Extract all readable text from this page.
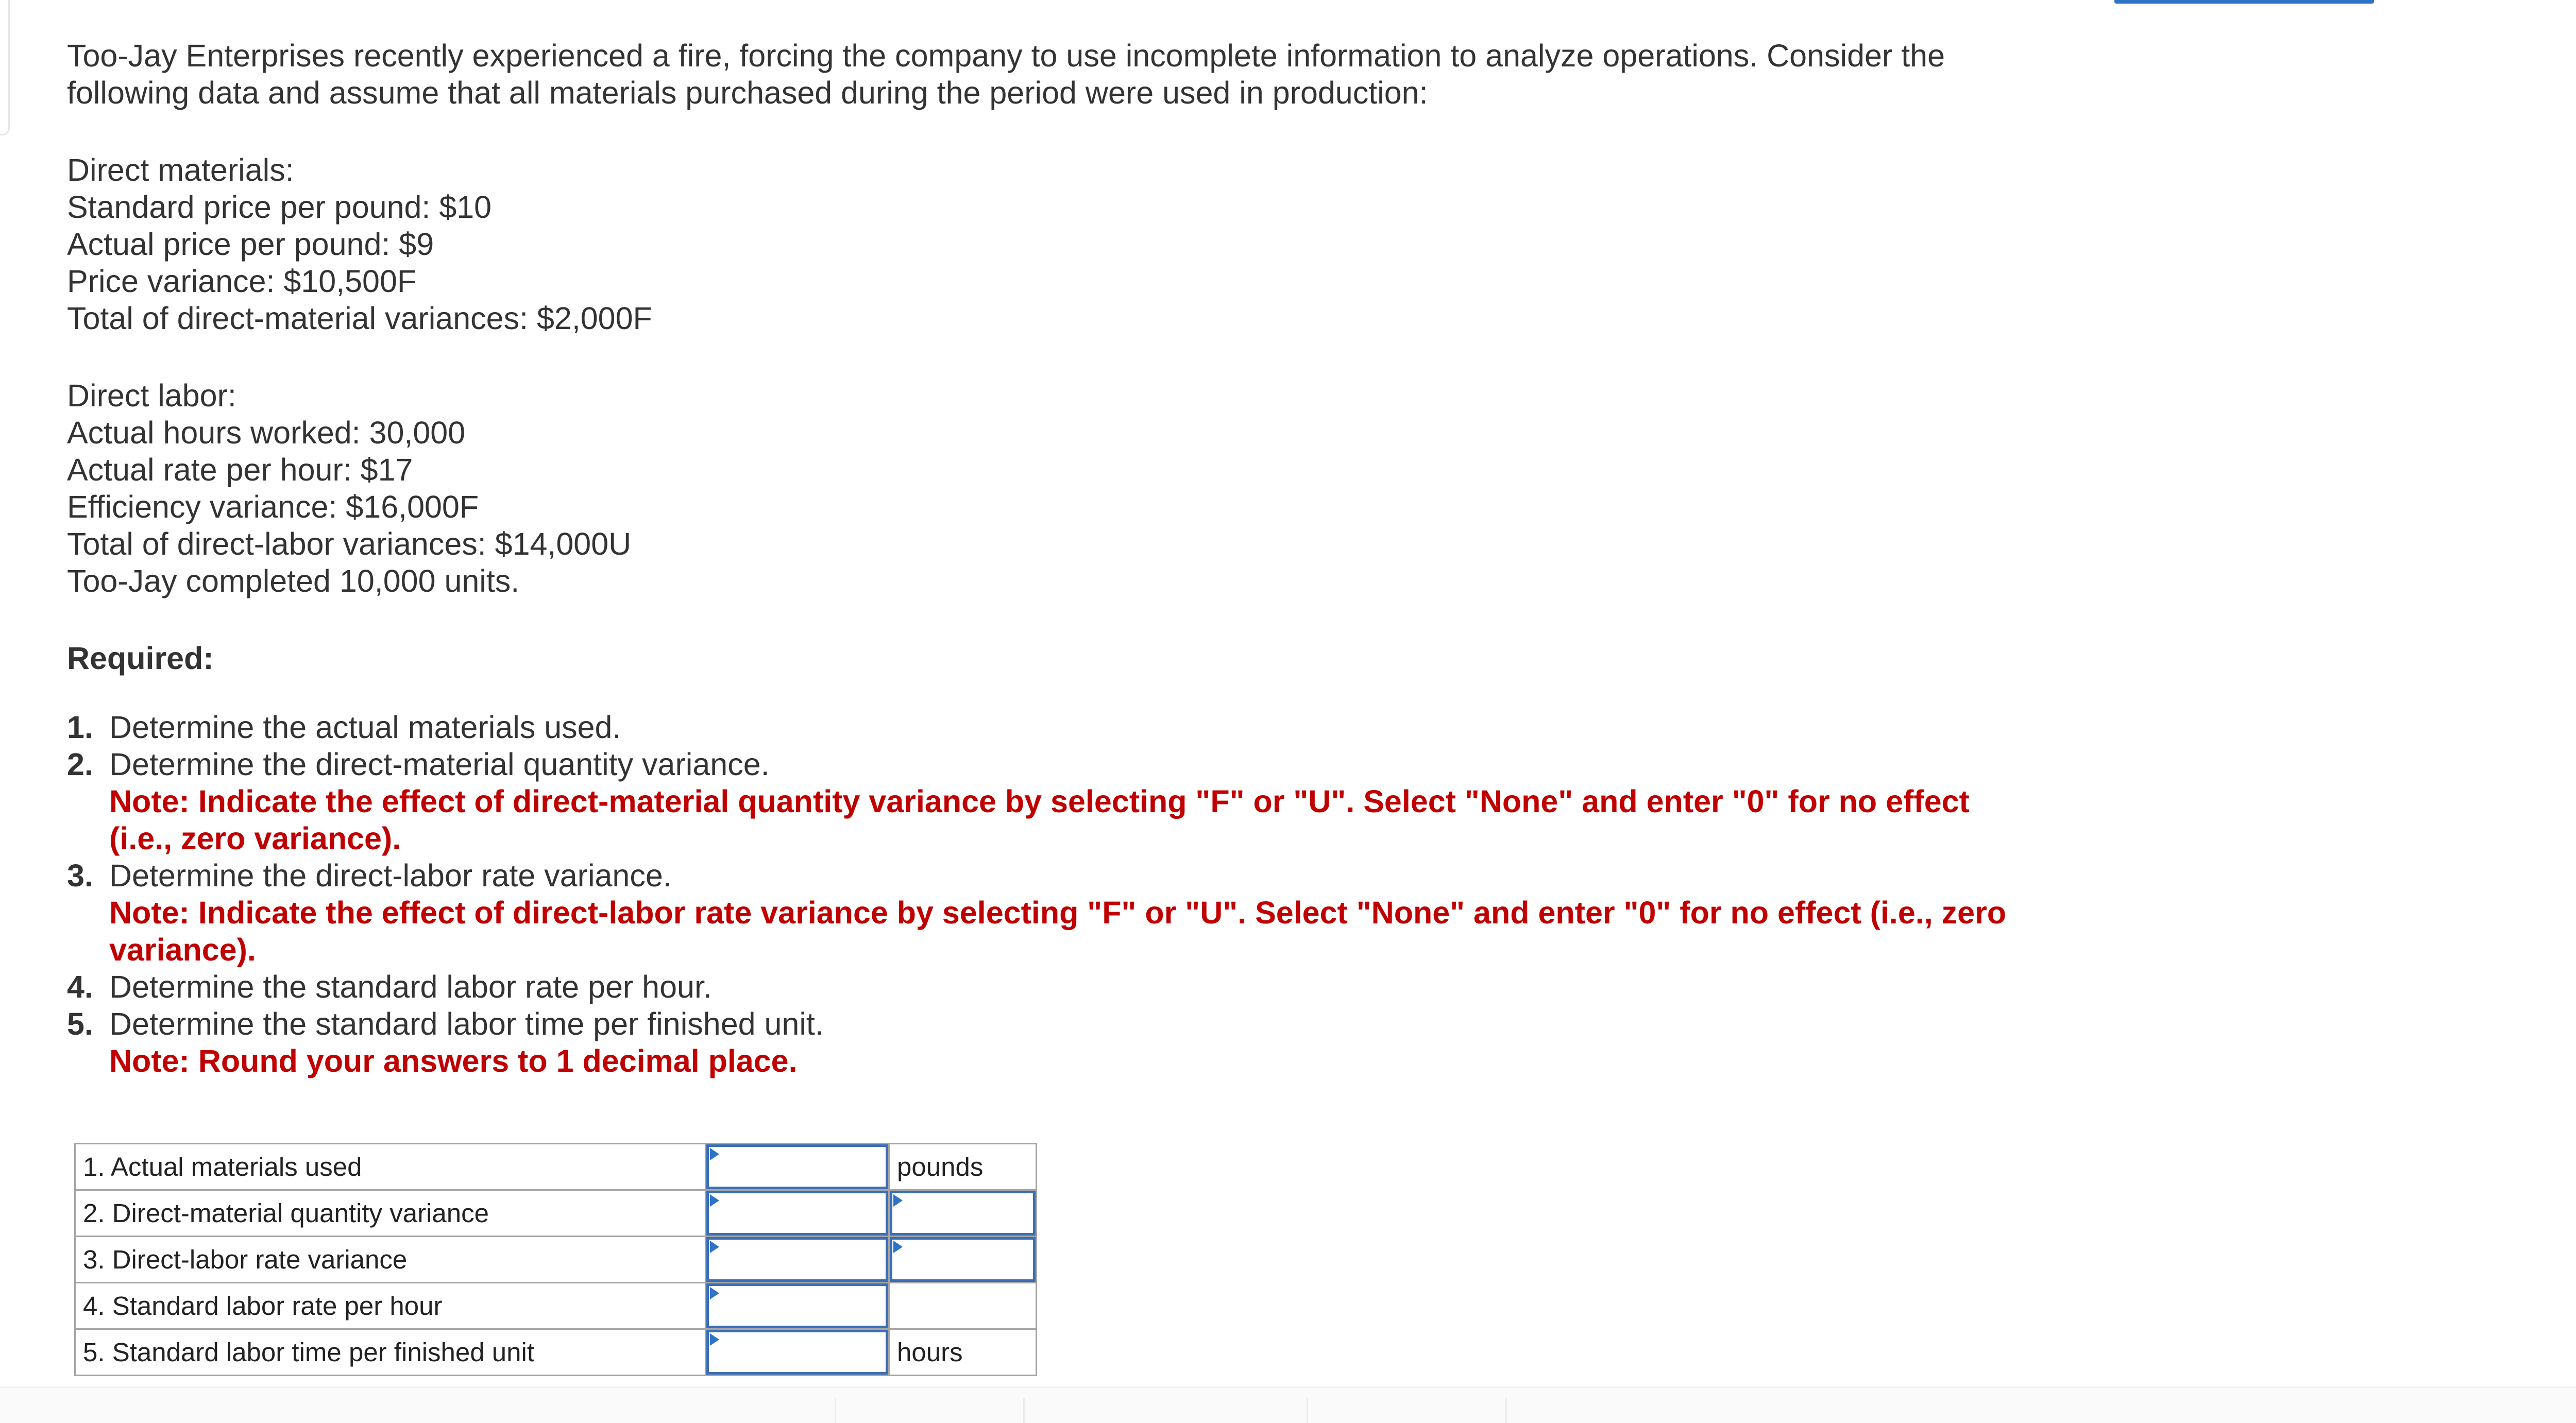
Too-Jay Enterprises recently experienced a fire, forcing the company to use incomplete information to analyze operations. Consider the following data and assume that all materials purchased during the period were used in production:

Direct materials:
Standard price per pound: $10
Actual price per pound: $9
Price variance: $10,500F
Total of direct-material variances: $2,000F
Direct labor:
Actual hours worked: 30,000
Actual rate per hour: $17
Efficiency variance: $16,000F
Total of direct-labor variances: $14,000U
Too-Jay completed 10,000 units.
Required:
1. Determine the actual materials used.
2. Determine the direct-material quantity variance.
Note: Indicate the effect of direct-material quantity variance by selecting "F" or "U". Select "None" and enter "0" for no effect (i.e., zero variance).
3. Determine the direct-labor rate variance.
Note: Indicate the effect of direct-labor rate variance by selecting "F" or "U". Select "None" and enter "0" for no effect (i.e., zero variance).
4. Determine the standard labor rate per hour.
5. Determine the standard labor time per finished unit.
Note: Round your answers to 1 decimal place.
1. Actual materials used		pounds
2. Direct-material quantity variance	

3. Direct-labor rate variance	

4. Standard labor rate per hour	

5. Standard labor time per finished unit		hours
